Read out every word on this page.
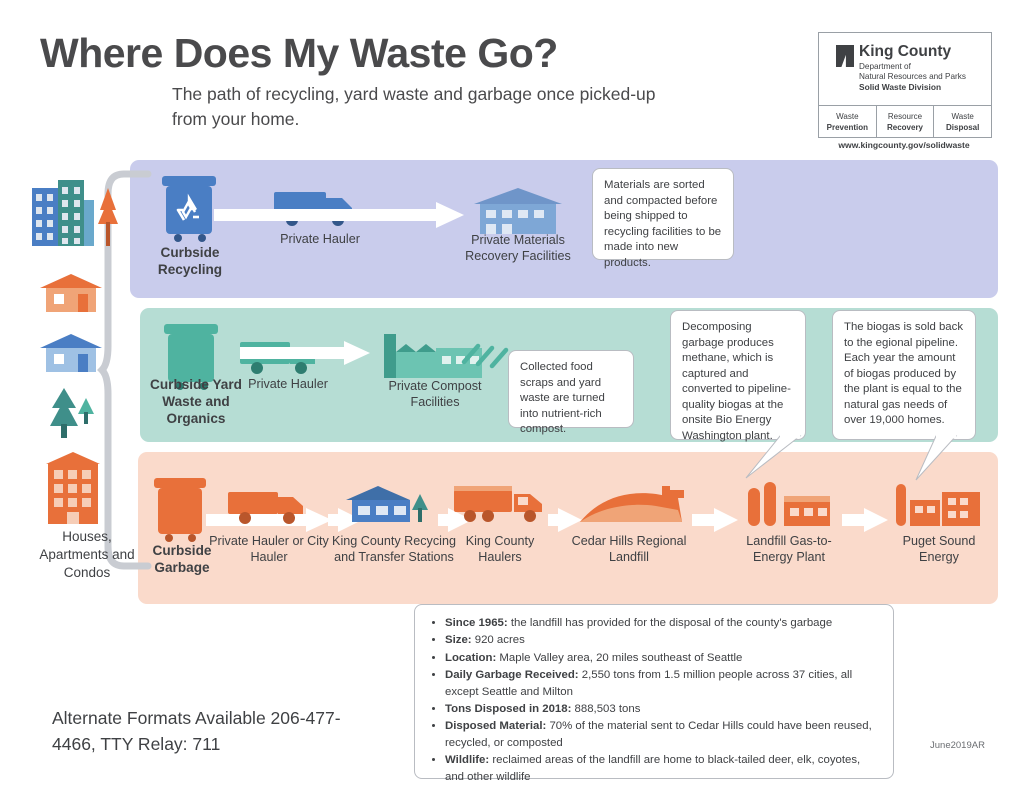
Where Does My Waste Go?
The path of recycling, yard waste and garbage once picked-up from your home.
King County
Department of
Natural Resources and Parks
Solid Waste Division
Waste
Prevention
Resource
Recovery
Waste
Disposal
www.kingcounty.gov/solidwaste
Houses, Apartments and Condos
Curbside Recycling
Private Hauler	Private Materials Recovery Facilities
Materials are sorted and compacted before being shipped to recycling facilities to be made into new products.
Curbside Yard Waste and Organics
Private Hauler	Private Compost Facilities
Collected food scraps and yard waste are turned into nutrient-rich compost.
Decomposing garbage produces methane, which is captured and converted to pipeline-quality biogas at the onsite Bio Energy Washington plant.
The biogas is sold back to the egional pipeline. Each year the amount of biogas produced by the plant is equal to the natural gas needs of over 19,000 homes.
Curbside Garbage
Private Hauler or City Hauler
King County Recycing and Transfer Stations
King County Haulers
Cedar Hills Regional Landfill
Landfill Gas-to-Energy Plant
Puget Sound Energy
• Since 1965: the landfill has provided for the disposal of the county's garbage
• Size: 920 acres
• Location: Maple Valley area, 20 miles southeast of Seattle
• Daily Garbage Received: 2,550 tons from 1.5 million people across 37 cities, all except Seattle and Milton
• Tons Disposed in 2018: 888,503 tons
• Disposed Material: 70% of the material sent to Cedar Hills could have been reused, recycled, or composted
• Wildlife: reclaimed areas of the landfill are home to black-tailed deer, elk, coyotes, and other wildlife
Alternate Formats Available 206-477-4466, TTY Relay: 711	June2019AR
